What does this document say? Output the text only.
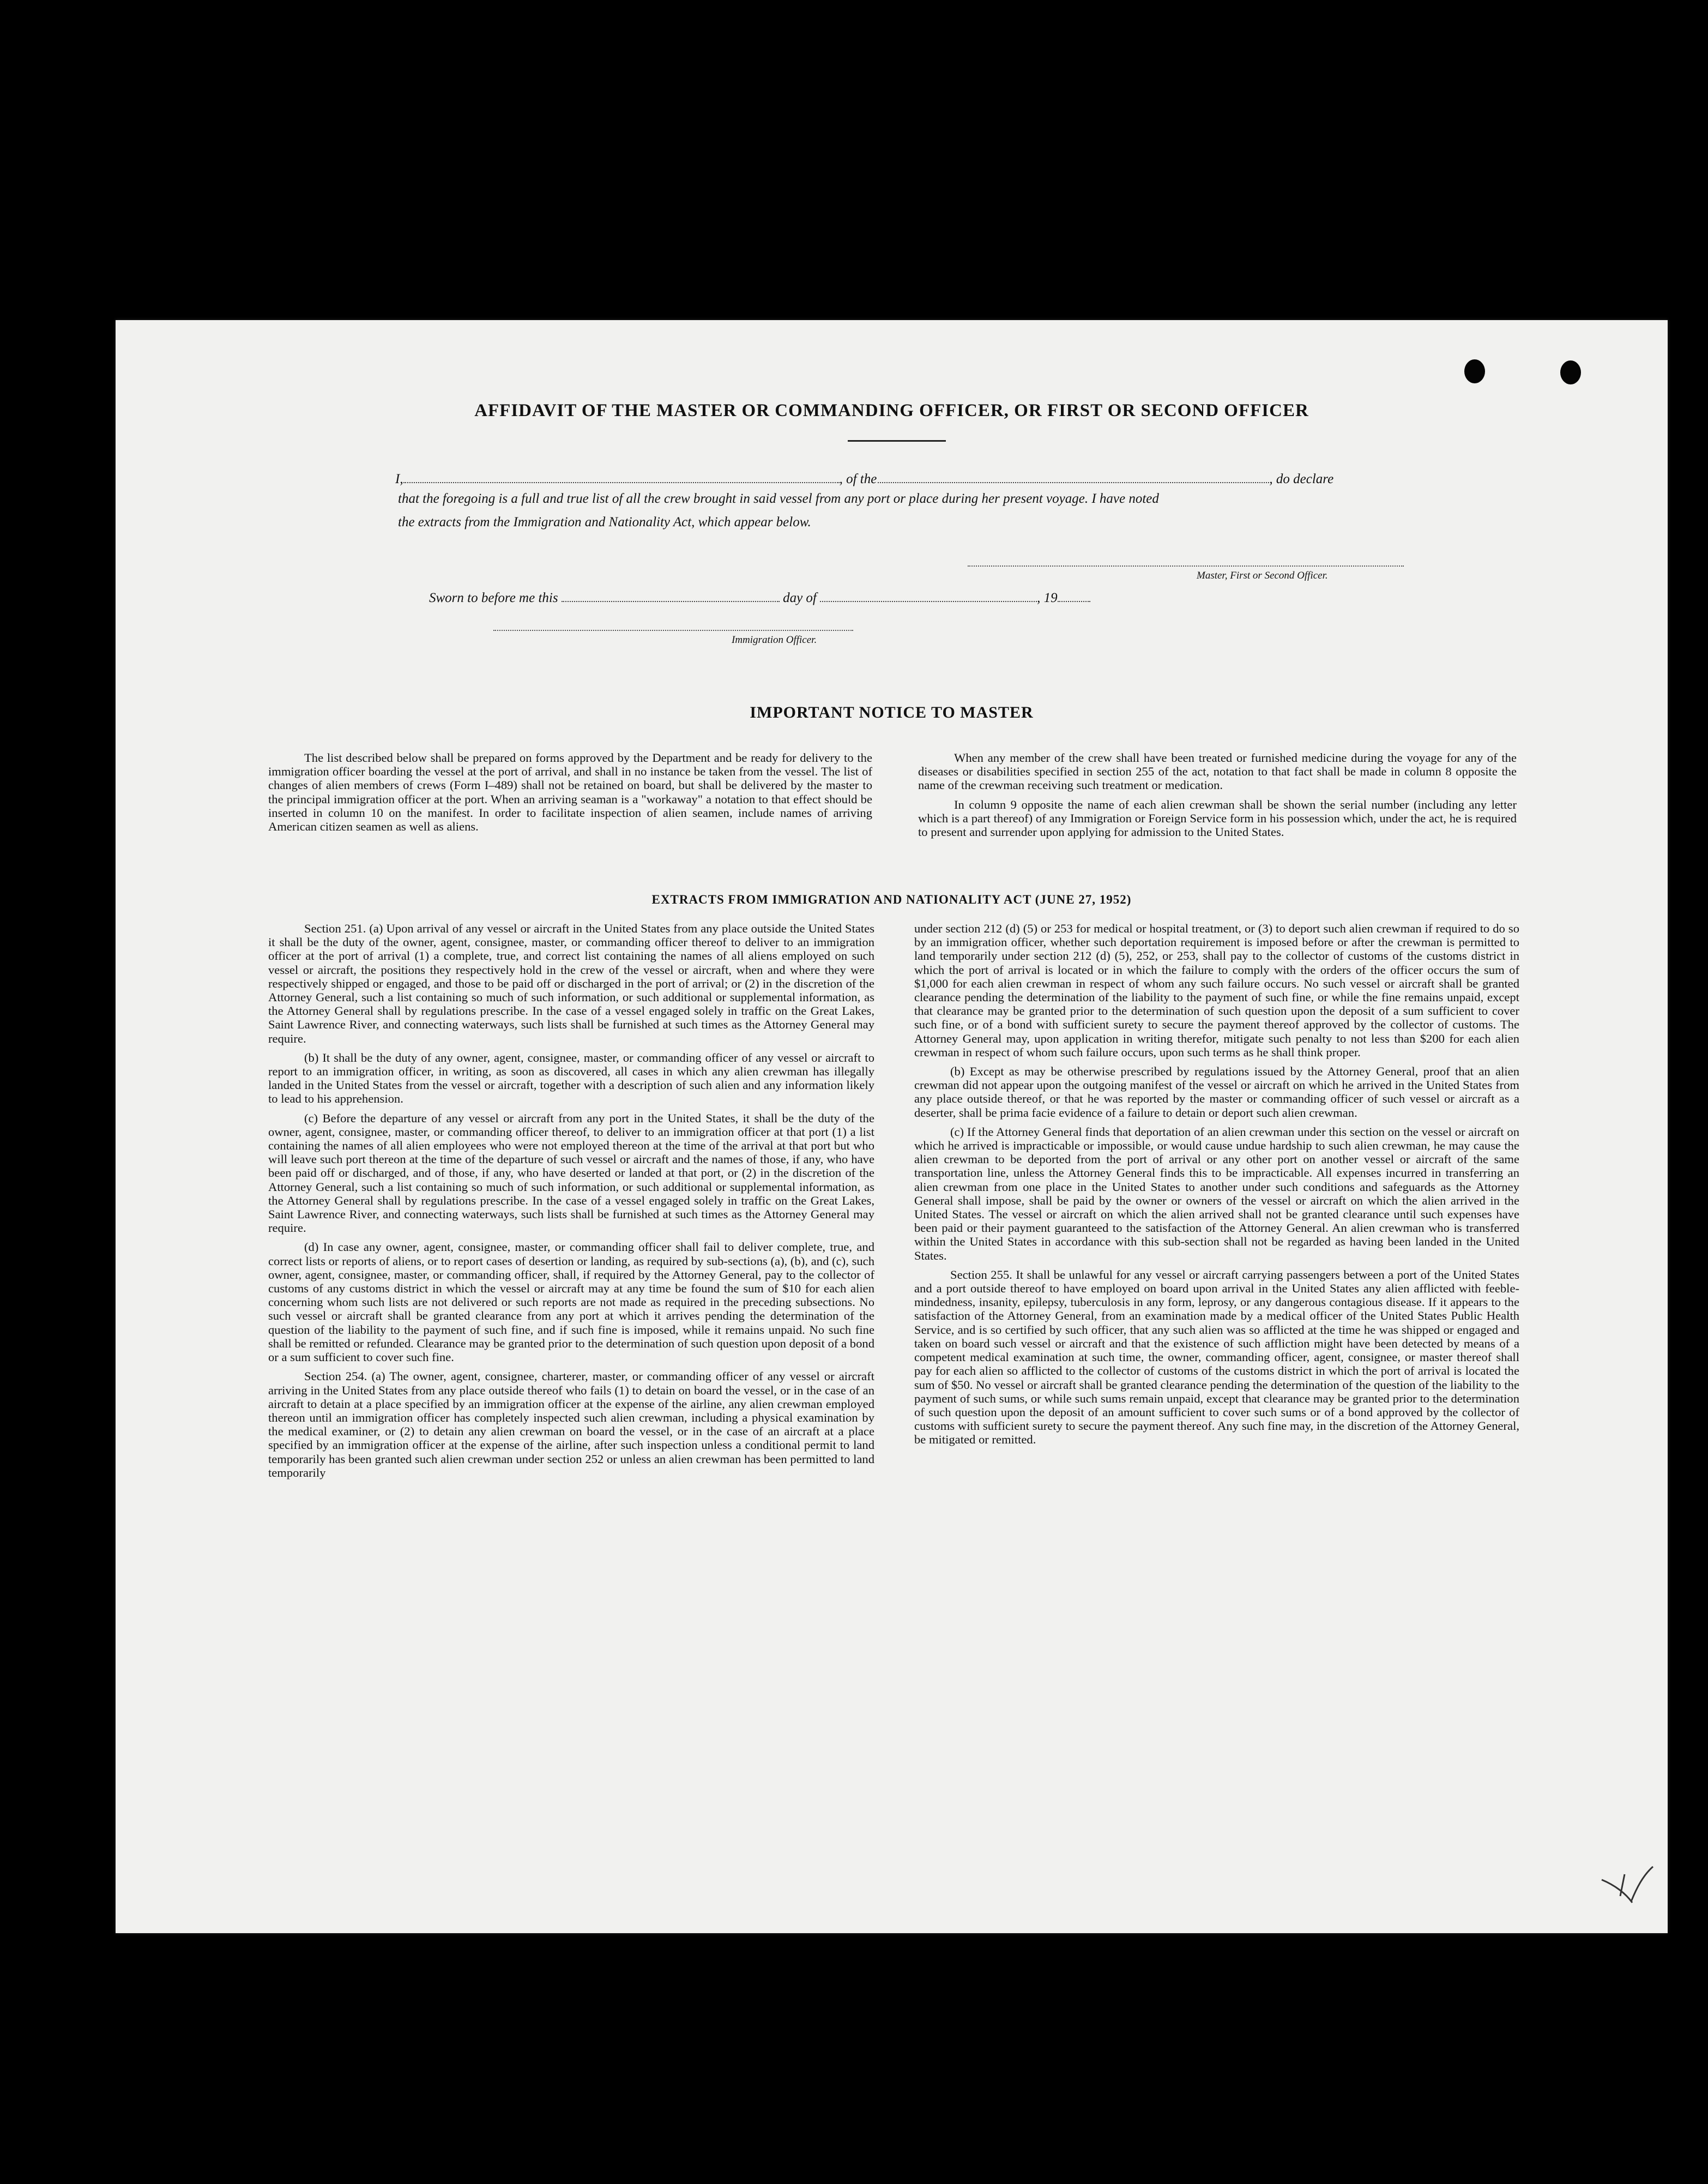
AFFIDAVIT OF THE MASTER OR COMMANDING OFFICER, OR FIRST OR SECOND OFFICER
I,	, of the 	, do declare
that the foregoing is a full and true list of all the crew brought in said vessel from any port or place during her present voyage. I have noted
the extracts from the Immigration and Nationality Act, which appear below.
Master, First or Second Officer.
Sworn to before me this	day of	, 19
Immigration Officer.
IMPORTANT NOTICE TO MASTER

The list described below shall be prepared on forms approved by the Department and be ready for delivery to the immigration officer boarding the vessel at the port of arrival, and shall in no instance be taken from the vessel. The list of changes of alien members of crews (Form I–489) shall not be retained on board, but shall be delivered by the master to the principal immigration officer at the port. When an arriving seaman is a "workaway" a notation to that effect should be inserted in column 10 on the manifest. In order to facilitate inspection of alien seamen, include names of arriving American citizen seamen as well as aliens.

When any member of the crew shall have been treated or furnished medicine during the voyage for any of the diseases or disabilities specified in section 255 of the act, notation to that fact shall be made in column 8 opposite the name of the crewman receiving such treatment or medication.

In column 9 opposite the name of each alien crewman shall be shown the serial number (including any letter which is a part thereof) of any Immigration or Foreign Service form in his possession which, under the act, he is required to present and surrender upon applying for admission to the United States.

EXTRACTS FROM IMMIGRATION AND NATIONALITY ACT (JUNE 27, 1952)

Section 251. (a) Upon arrival of any vessel or aircraft in the United States from any place outside the United States it shall be the duty of the owner, agent, consignee, master, or commanding officer thereof to deliver to an immigration officer at the port of arrival (1) a complete, true, and correct list containing the names of all aliens employed on such vessel or aircraft, the positions they respectively hold in the crew of the vessel or aircraft, when and where they were respectively shipped or engaged, and those to be paid off or discharged in the port of arrival; or (2) in the discretion of the Attorney General, such a list containing so much of such information, or such additional or supplemental information, as the Attorney General shall by regulations prescribe. In the case of a vessel engaged solely in traffic on the Great Lakes, Saint Lawrence River, and connecting waterways, such lists shall be furnished at such times as the Attorney General may require.

(b) It shall be the duty of any owner, agent, consignee, master, or commanding officer of any vessel or aircraft to report to an immigration officer, in writing, as soon as discovered, all cases in which any alien crewman has illegally landed in the United States from the vessel or aircraft, together with a description of such alien and any information likely to lead to his apprehension.

(c) Before the departure of any vessel or aircraft from any port in the United States, it shall be the duty of the owner, agent, consignee, master, or commanding officer thereof, to deliver to an immigration officer at that port (1) a list containing the names of all alien employees who were not employed thereon at the time of the arrival at that port but who will leave such port thereon at the time of the departure of such vessel or aircraft and the names of those, if any, who have been paid off or discharged, and of those, if any, who have deserted or landed at that port, or (2) in the discretion of the Attorney General, such a list containing so much of such information, or such additional or supplemental information, as the Attorney General shall by regulations prescribe. In the case of a vessel engaged solely in traffic on the Great Lakes, Saint Lawrence River, and connecting waterways, such lists shall be furnished at such times as the Attorney General may require.

(d) In case any owner, agent, consignee, master, or commanding officer shall fail to deliver complete, true, and correct lists or reports of aliens, or to report cases of desertion or landing, as required by sub-sections (a), (b), and (c), such owner, agent, consignee, master, or commanding officer, shall, if required by the Attorney General, pay to the collector of customs of any customs district in which the vessel or aircraft may at any time be found the sum of $10 for each alien concerning whom such lists are not delivered or such reports are not made as required in the preceding subsections. No such vessel or aircraft shall be granted clearance from any port at which it arrives pending the determination of the question of the liability to the payment of such fine, and if such fine is imposed, while it remains unpaid. No such fine shall be remitted or refunded. Clearance may be granted prior to the determination of such question upon deposit of a bond or a sum sufficient to cover such fine.

Section 254. (a) The owner, agent, consignee, charterer, master, or commanding officer of any vessel or aircraft arriving in the United States from any place outside thereof who fails (1) to detain on board the vessel, or in the case of an aircraft to detain at a place specified by an immigration officer at the expense of the airline, any alien crewman employed thereon until an immigration officer has completely inspected such alien crewman, including a physical examination by the medical examiner, or (2) to detain any alien crewman on board the vessel, or in the case of an aircraft at a place specified by an immigration officer at the expense of the airline, after such inspection unless a conditional permit to land temporarily has been granted such alien crewman under section 252 or unless an alien crewman has been permitted to land temporarily

under section 212 (d) (5) or 253 for medical or hospital treatment, or (3) to deport such alien crewman if required to do so by an immigration officer, whether such deportation requirement is imposed before or after the crewman is permitted to land temporarily under section 212 (d) (5), 252, or 253, shall pay to the collector of customs of the customs district in which the port of arrival is located or in which the failure to comply with the orders of the officer occurs the sum of $1,000 for each alien crewman in respect of whom any such failure occurs. No such vessel or aircraft shall be granted clearance pending the determination of the liability to the payment of such fine, or while the fine remains unpaid, except that clearance may be granted prior to the determination of such question upon the deposit of a sum sufficient to cover such fine, or of a bond with sufficient surety to secure the payment thereof approved by the collector of customs. The Attorney General may, upon application in writing therefor, mitigate such penalty to not less than $200 for each alien crewman in respect of whom such failure occurs, upon such terms as he shall think proper.

(b) Except as may be otherwise prescribed by regulations issued by the Attorney General, proof that an alien crewman did not appear upon the outgoing manifest of the vessel or aircraft on which he arrived in the United States from any place outside thereof, or that he was reported by the master or commanding officer of such vessel or aircraft as a deserter, shall be prima facie evidence of a failure to detain or deport such alien crewman.

(c) If the Attorney General finds that deportation of an alien crewman under this section on the vessel or aircraft on which he arrived is impracticable or impossible, or would cause undue hardship to such alien crewman, he may cause the alien crewman to be deported from the port of arrival or any other port on another vessel or aircraft of the same transportation line, unless the Attorney General finds this to be impracticable. All expenses incurred in transferring an alien crewman from one place in the United States to another under such conditions and safeguards as the Attorney General shall impose, shall be paid by the owner or owners of the vessel or aircraft on which the alien arrived in the United States. The vessel or aircraft on which the alien arrived shall not be granted clearance until such expenses have been paid or their payment guaranteed to the satisfaction of the Attorney General. An alien crewman who is transferred within the United States in accordance with this sub-section shall not be regarded as having been landed in the United States.

Section 255. It shall be unlawful for any vessel or aircraft carrying passengers between a port of the United States and a port outside thereof to have employed on board upon arrival in the United States any alien afflicted with feeble-mindedness, insanity, epilepsy, tuberculosis in any form, leprosy, or any dangerous contagious disease. If it appears to the satisfaction of the Attorney General, from an examination made by a medical officer of the United States Public Health Service, and is so certified by such officer, that any such alien was so afflicted at the time he was shipped or engaged and taken on board such vessel or aircraft and that the existence of such affliction might have been detected by means of a competent medical examination at such time, the owner, commanding officer, agent, consignee, or master thereof shall pay for each alien so afflicted to the collector of customs of the customs district in which the port of arrival is located the sum of $50. No vessel or aircraft shall be granted clearance pending the determination of the question of the liability to the payment of such sums, or while such sums remain unpaid, except that clearance may be granted prior to the determination of such question upon the deposit of an amount sufficient to cover such sums or of a bond approved by the collector of customs with sufficient surety to secure the payment thereof. Any such fine may, in the discretion of the Attorney General, be mitigated or remitted.
